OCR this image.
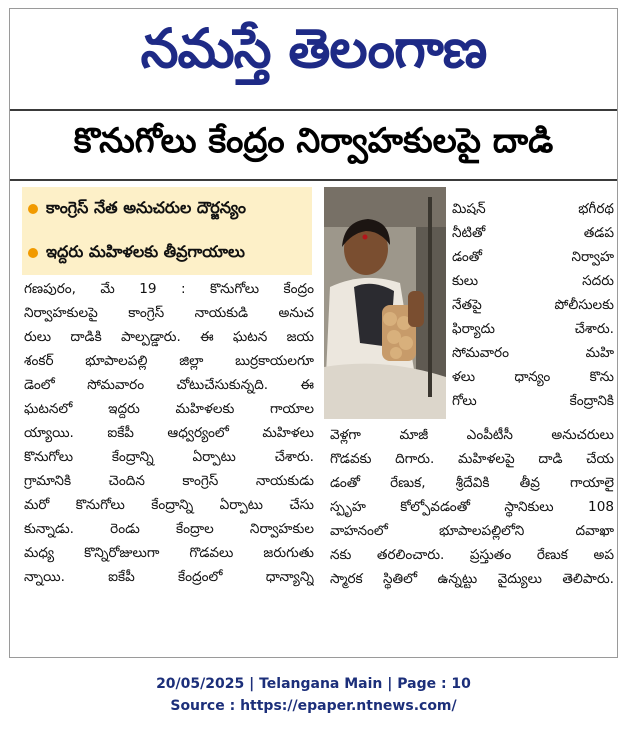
నమస్తే తెలంగాణ
కొనుగోలు కేంద్రం నిర్వాహకులపై దాడి
కాంగ్రెస్ నేత అనుచరుల దౌర్జన్యం
ఇద్దరు మహిళలకు తీవ్రగాయాలు
గణపురం, మే 19 : కొనుగోలు కేంద్రం
నిర్వాహకులపై కాంగ్రెస్ నాయకుడి అనుచ
రులు దాడికి పాల్పడ్డారు. ఈ ఘటన జయ
శంకర్ భూపాలపల్లి జిల్లా బుర్రకాయలగూ
డెంలో సోమవారం చోటుచేసుకున్నది. ఈ
ఘటనలో ఇద్దరు మహిళలకు గాయాల
య్యాయి. ఐకేపీ ఆధ్వర్యంలో మహిళలు
కొనుగోలు కేంద్రాన్ని ఏర్పాటు చేశారు.
గ్రామానికి చెందిన కాంగ్రెస్ నాయకుడు
మరో కొనుగోలు కేంద్రాన్ని ఏర్పాటు చేసు
కున్నాడు. రెండు కేంద్రాల నిర్వాహకుల
మధ్య కొన్నిరోజులుగా గొడవలు జరుగుతు
న్నాయి. ఐకేపీ కేంద్రంలో ధాన్యాన్ని
మిషన్ భగీరథ
నీటితో తడప
డంతో నిర్వాహ
కులు సదరు
నేతపై పోలీసులకు
ఫిర్యాదు చేశారు.
సోమవారం మహి
ళలు ధాన్యం కొను
గోలు కేంద్రానికి
వెళ్లగా మాజీ ఎంపీటీసీ అనుచరులు
గొడవకు దిగారు. మహిళలపై దాడి చేయ
డంతో రేణుక, శ్రీదేవికి తీవ్ర గాయాలై
స్పృహ కోల్పోవడంతో స్థానికులు 108
వాహనంలో భూపాలపల్లిలోని దవాఖా
నకు తరలించారు. ప్రస్తుతం రేణుక అప
స్మారక స్థితిలో ఉన్నట్టు వైద్యులు తెలిపారు.
20/05/2025 | Telangana Main | Page : 10
Source : https://epaper.ntnews.com/
